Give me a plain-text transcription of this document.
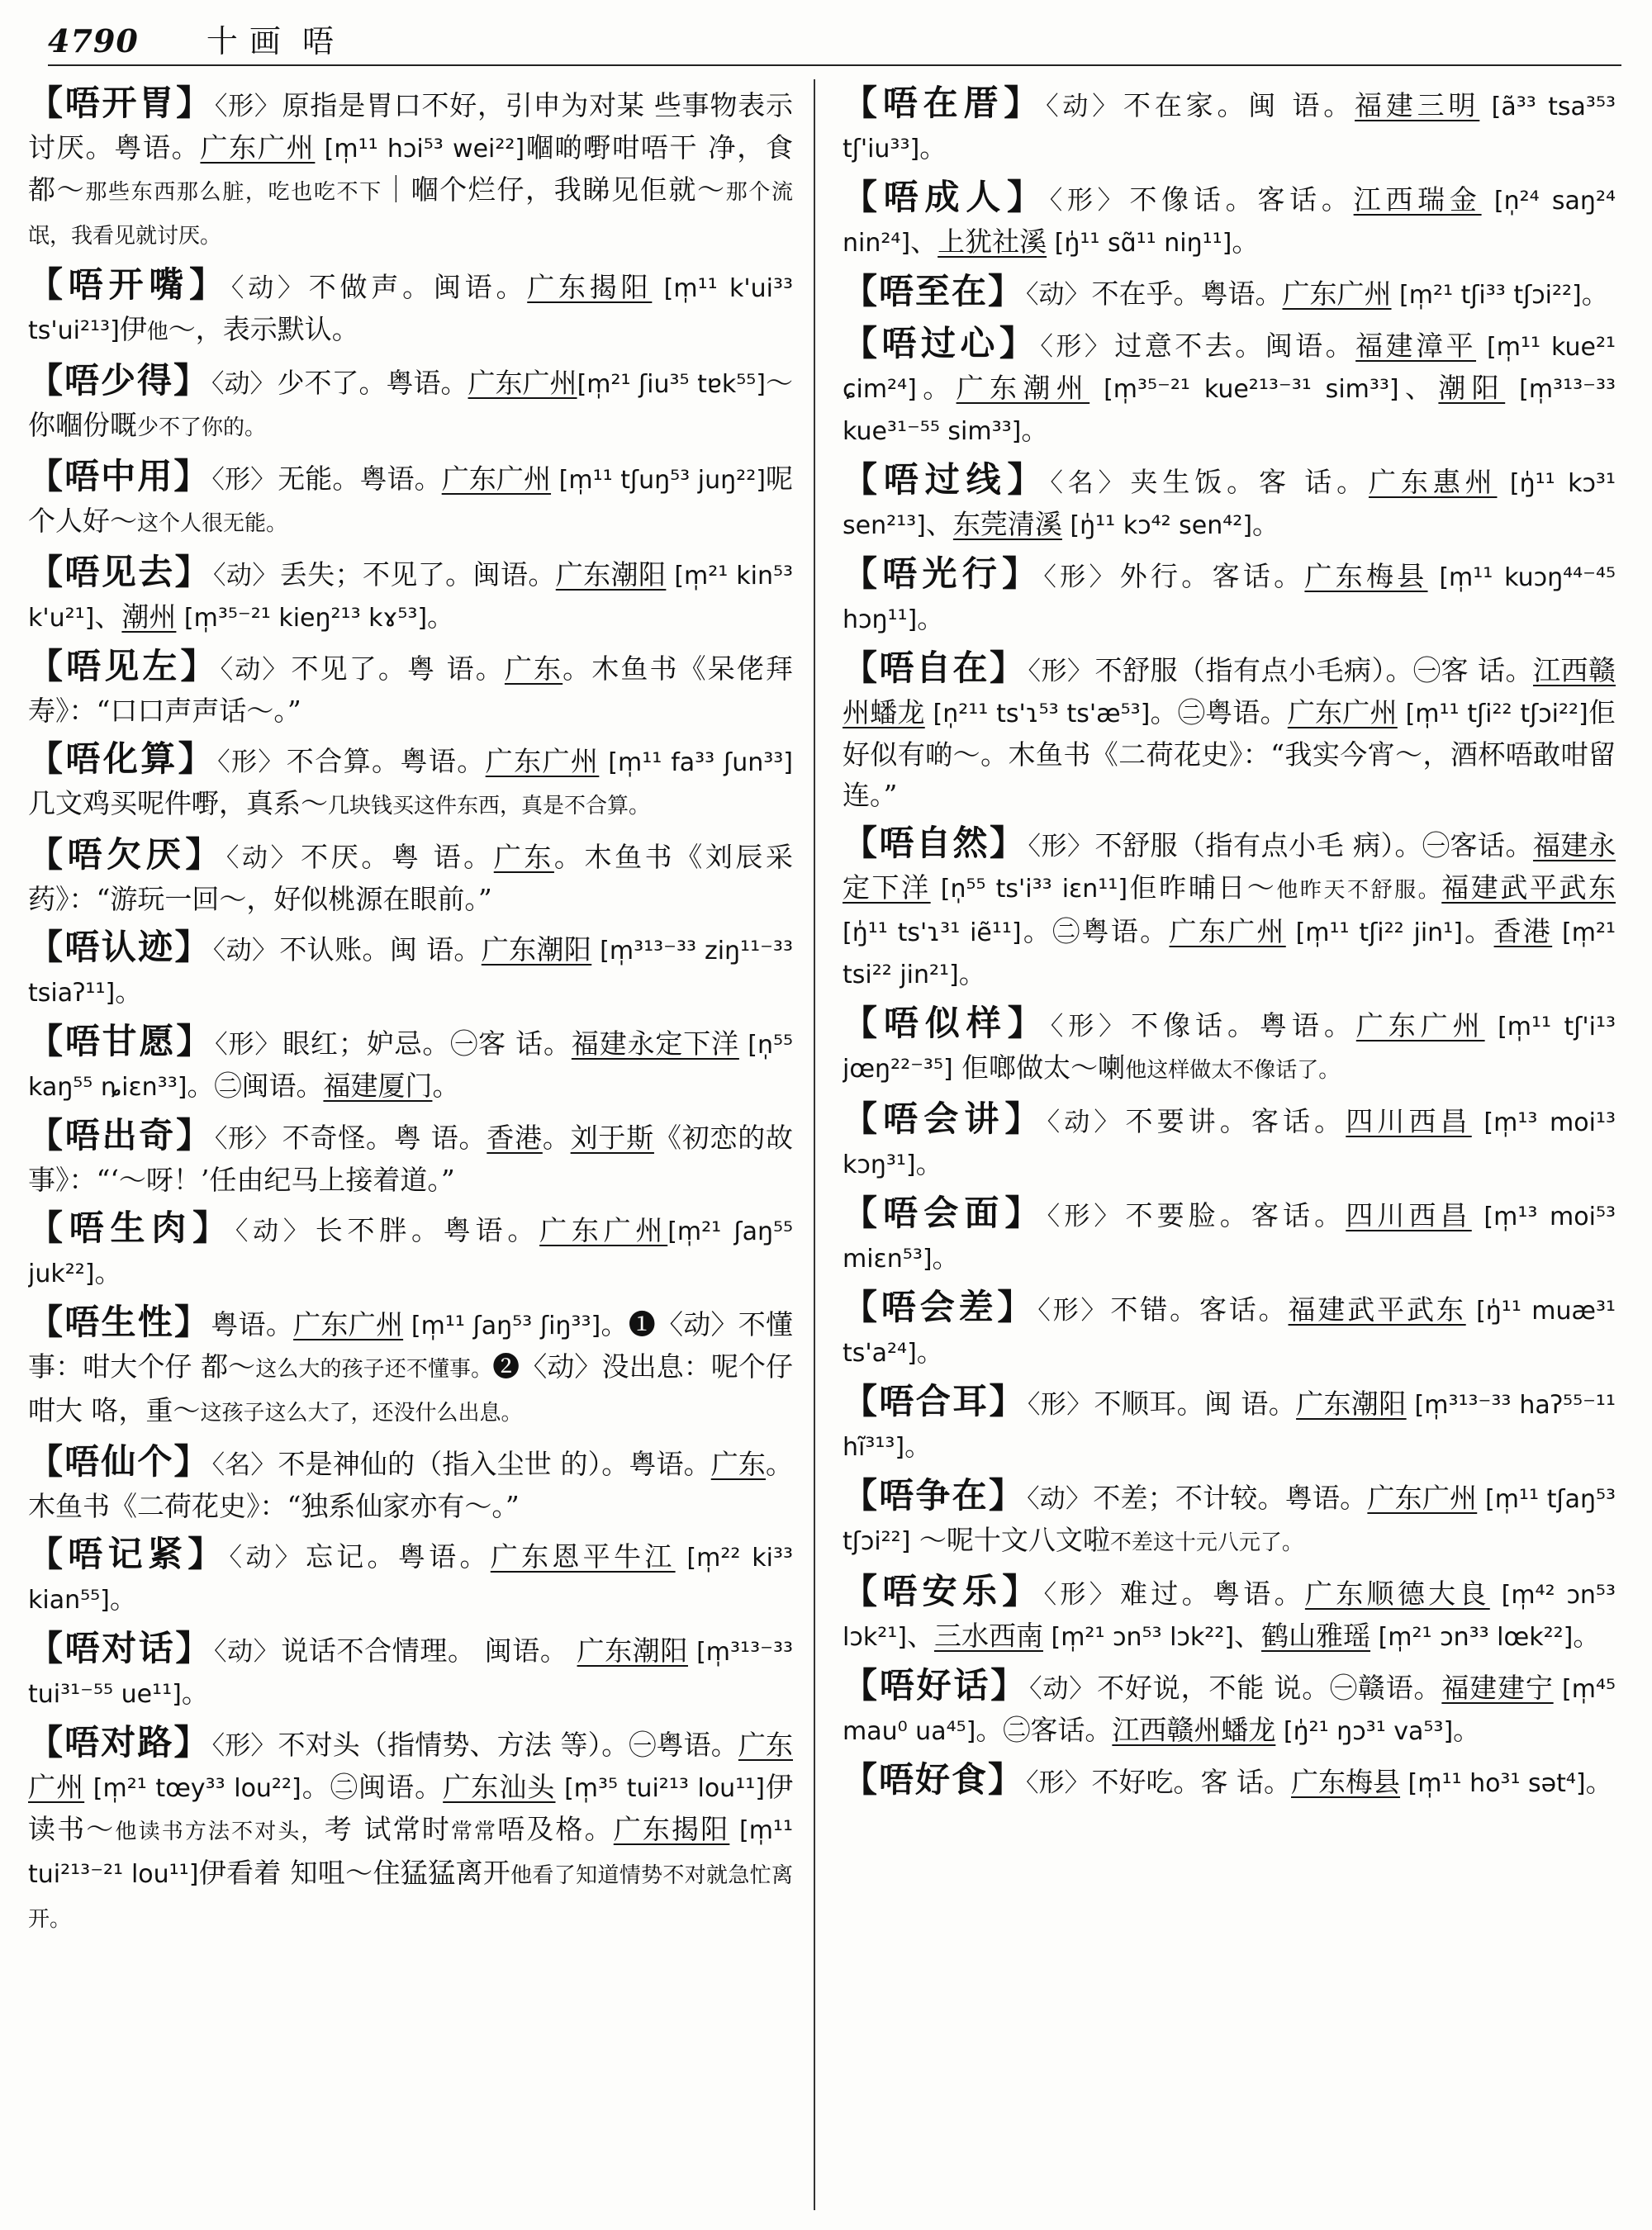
4790 十画 唔
【唔开胃】〈形〉原指是胃口不好，引申为对某 些事物表示讨厌。粤语。广东广州 [m̩¹¹ hɔi⁵³ wei²²]嗰啲嘢咁唔干 净，食 都～那些东西那么脏，吃也吃不下｜嗰个烂仔，我睇见佢就～那个流氓，我看见就讨厌。
【唔开嘴】〈动〉不做声。闽语。广东揭阳 [m̩¹¹ k'ui³³ ts'ui²¹³]伊他～，表示默认。
【唔少得】〈动〉少不了。粤语。广东广州[m̩²¹ ʃiu³⁵ tɐk⁵⁵]～你嗰份嘅少不了你的。
【唔中用】〈形〉无能。粤语。广东广州 [m̩¹¹ tʃuŋ⁵³ juŋ²²]呢个人好～这个人很无能。
【唔见去】〈动〉丢失；不见了。闽语。广东潮阳 [m̩²¹ kin⁵³ k'u²¹]、潮州 [m̩³⁵⁻²¹ kieŋ²¹³ kɤ⁵³]。
【唔见左】〈动〉不见了。粤 语。广东。木鱼书《呆佬拜寿》：“口口声声话～。”
【唔化算】〈形〉不合算。粤语。广东广州 [m̩¹¹ fa³³ ʃun³³]几文鸡买呢件嘢，真系～几块钱买这件东西，真是不合算。
【唔欠厌】〈动〉不厌。粤 语。广东。木鱼书《刘辰采药》：“游玩一回～，好似桃源在眼前。”
【唔认迹】〈动〉不认账。闽 语。广东潮阳 [m̩³¹³⁻³³ ziŋ¹¹⁻³³ tsiaʔ¹¹]。
【唔甘愿】〈形〉眼红；妒忌。㊀客 话。福建永定下洋 [n̩⁵⁵ kaŋ⁵⁵ ȵiɛn³³]。㊁闽语。福建厦门。
【唔出奇】〈形〉不奇怪。粤 语。香港。刘于斯《初恋的故事》：“‘～呀！’任由纪马上接着道。”
【唔生肉】〈动〉长不胖。粤语。广东广州[m̩²¹ ʃaŋ⁵⁵ juk²²]。
【唔生性】粤语。广东广州 [m̩¹¹ ʃaŋ⁵³ ʃiŋ³³]。❶〈动〉不懂事：咁大个仔 都～这么大的孩子还不懂事。❷〈动〉没出息：呢个仔咁大 咯，重～这孩子这么大了，还没什么出息。
【唔仙个】〈名〉不是神仙的（指入尘世 的）。粤语。广东。木鱼书《二荷花史》：“独系仙家亦有～。”
【唔记紧】〈动〉忘记。粤语。广东恩平牛江 [m̩²² ki³³ kian⁵⁵]。
【唔对话】〈动〉说话不合情理。 闽语。 广东潮阳 [m̩³¹³⁻³³ tui³¹⁻⁵⁵ ue¹¹]。
【唔对路】〈形〉不对头（指情势、方法 等）。㊀粤语。广东广州 [m̩²¹ tœy³³ lou²²]。㊁闽语。广东汕头 [m̩³⁵ tui²¹³ lou¹¹]伊读书～他读书方法不对头，考 试常时常常唔及格。广东揭阳 [m̩¹¹ tui²¹³⁻²¹ lou¹¹]伊看着 知咀～住猛猛离开他看了知道情势不对就急忙离开。
【唔在厝】〈动〉不在家。闽 语。福建三明 [ã³³ tsa³⁵³ tʃ'iu³³]。
【唔成人】〈形〉不像话。客话。江西瑞金 [n̩²⁴ saŋ²⁴ nin²⁴]、上犹社溪 [ŋ̍¹¹ sɑ̃¹¹ niŋ¹¹]。
【唔至在】〈动〉不在乎。粤语。广东广州 [m̩²¹ tʃi³³ tʃɔi²²]。
【唔过心】〈形〉过意不去。闽语。福建漳平 [m̩¹¹ kue²¹ ɕim²⁴]。广东潮州 [m̩³⁵⁻²¹ kue²¹³⁻³¹ sim³³]、潮阳 [m̩³¹³⁻³³ kue³¹⁻⁵⁵ sim³³]。
【唔过线】〈名〉夹生饭。客 话。广东惠州 [ŋ̍¹¹ kɔ³¹ sen²¹³]、东莞清溪 [ŋ̍¹¹ kɔ⁴² sen⁴²]。
【唔光行】〈形〉外行。客话。广东梅县 [m̩¹¹ kuɔŋ⁴⁴⁻⁴⁵ hɔŋ¹¹]。
【唔自在】〈形〉不舒服（指有点小毛病）。㊀客 话。江西赣州蟠龙 [n̩²¹¹ ts'ɿ⁵³ ts'æ⁵³]。㊁粤语。广东广州 [m̩¹¹ tʃi²² tʃɔi²²]佢好似有啲～。木鱼书《二荷花史》：“我实今宵～，酒杯唔敢咁留连。”
【唔自然】〈形〉不舒服（指有点小毛 病）。㊀客话。福建永定下洋 [n̩⁵⁵ ts'i³³ iɛn¹¹]佢昨晡日～他昨天不舒服。福建武平武东 [ŋ̍¹¹ ts'ɿ³¹ iẽ¹¹]。㊁粤语。广东广州 [m̩¹¹ tʃi²² jin¹]。香港 [m̩²¹ tsi²² jin²¹]。
【唔似样】〈形〉不像话。粤语。广东广州 [m̩¹¹ tʃ'i¹³ jœŋ²²⁻³⁵] 佢啷做太～喇他这样做太不像话了。
【唔会讲】〈动〉不要讲。客话。四川西昌 [m̩¹³ moi¹³ kɔŋ³¹]。
【唔会面】〈形〉不要脸。客话。四川西昌 [m̩¹³ moi⁵³ miɛn⁵³]。
【唔会差】〈形〉不错。客话。福建武平武东 [ŋ̍¹¹ muæ³¹ ts'a²⁴]。
【唔合耳】〈形〉不顺耳。闽 语。广东潮阳 [m̩³¹³⁻³³ haʔ⁵⁵⁻¹¹ hĩ³¹³]。
【唔争在】〈动〉不差；不计较。粤语。广东广州 [m̩¹¹ tʃaŋ⁵³ tʃɔi²²] ～呢十文八文啦不差这十元八元了。
【唔安乐】〈形〉难过。粤语。广东顺德大良 [m̩⁴² ɔn⁵³ lɔk²¹]、三水西南 [m̩²¹ ɔn⁵³ lɔk²²]、鹤山雅瑶 [m̩²¹ ɔn³³ lœk²²]。
【唔好话】〈动〉不好说，不能 说。㊀赣语。福建建宁 [m̩⁴⁵ mau⁰ ua⁴⁵]。㊁客话。江西赣州蟠龙 [ŋ̍²¹ ŋɔ³¹ va⁵³]。
【唔好食】〈形〉不好吃。客 话。广东梅县 [m̩¹¹ ho³¹ sət⁴]。
